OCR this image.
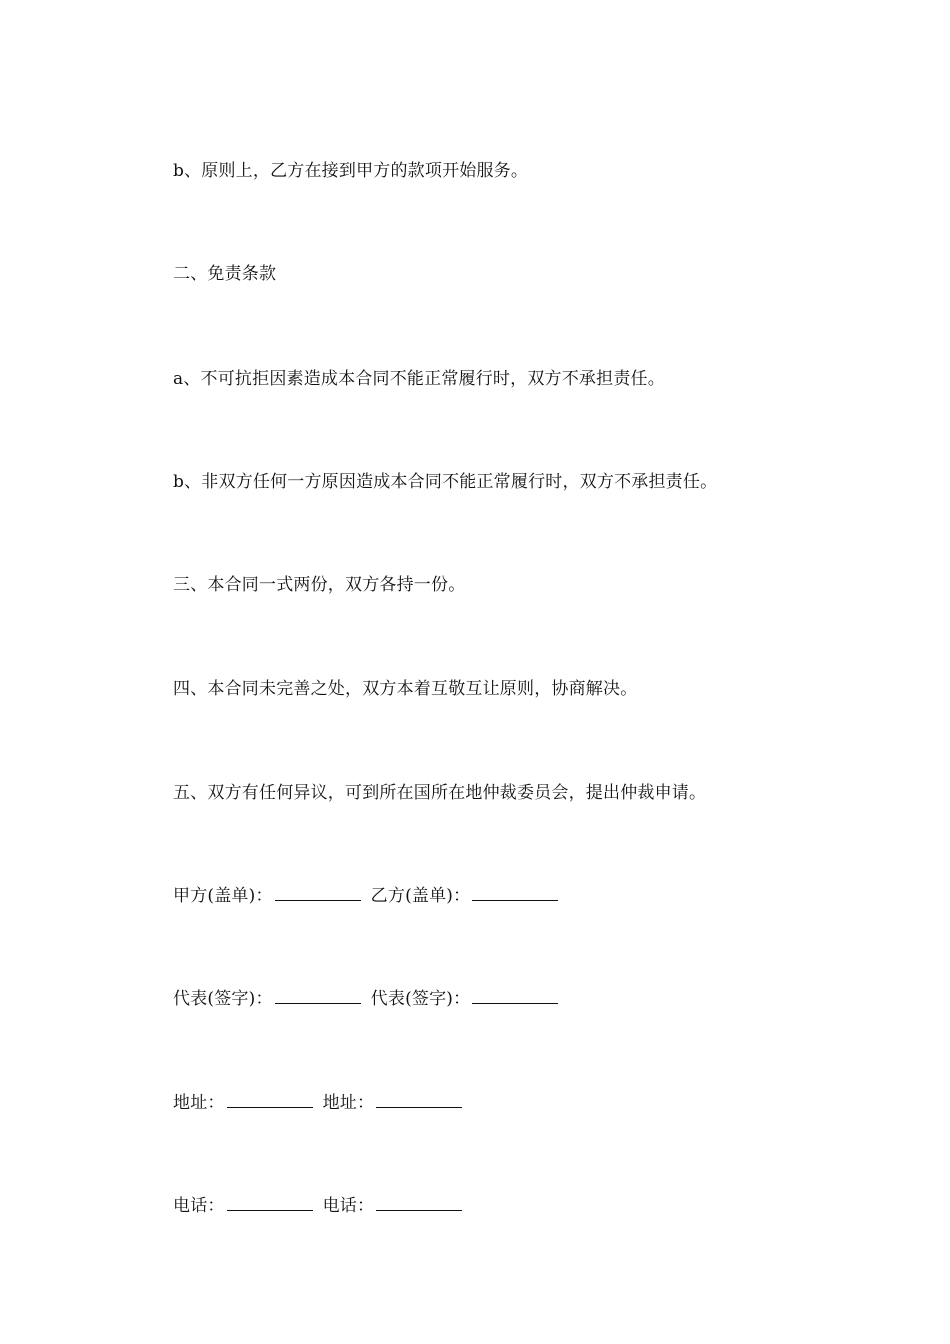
b、原则上，乙方在接到甲方的款项开始服务。
二、免责条款
a、不可抗拒因素造成本合同不能正常履行时，双方不承担责任。
b、非双方任何一方原因造成本合同不能正常履行时，双方不承担责任。
三、本合同一式两份，双方各持一份。
四、本合同未完善之处，双方本着互敬互让原则，协商解决。
五、双方有任何异议，可到所在国所在地仲裁委员会，提出仲裁申请。
甲方(盖单)：	乙方(盖单)：
代表(签字)：	代表(签字)：
地址：	地址：
电话：	电话：
